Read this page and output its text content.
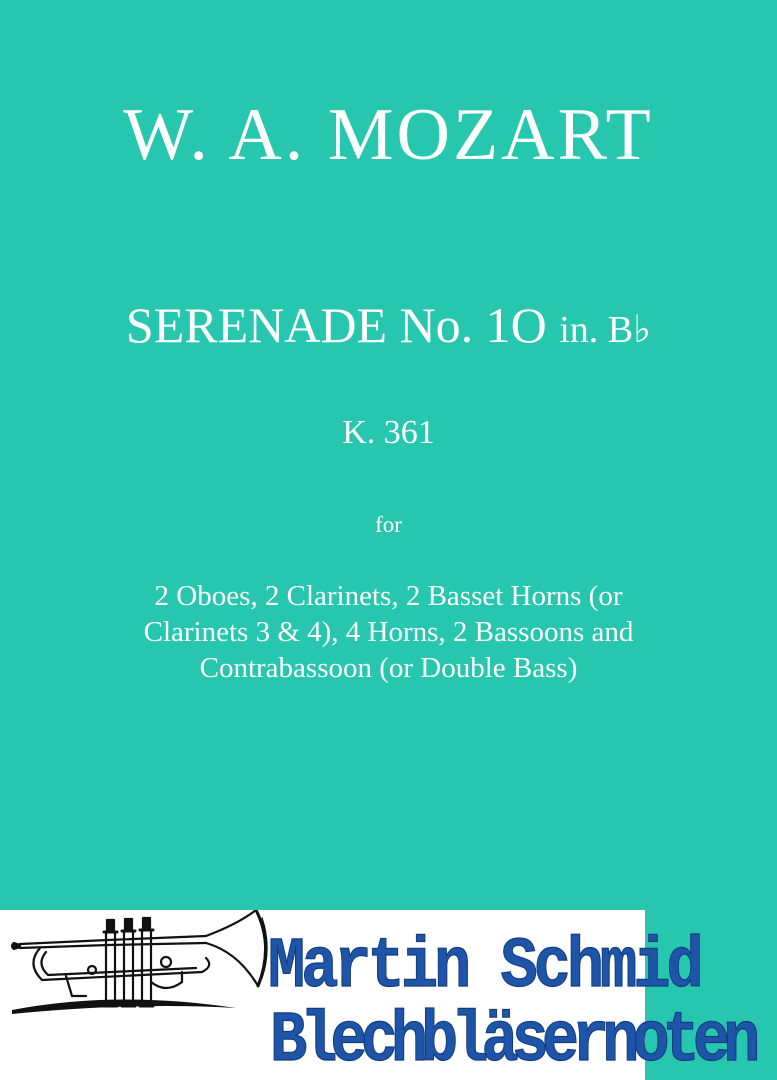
W. A. MOZART
SERENADE No. 1O in. B♭
K. 361
for
2 Oboes, 2 Clarinets, 2 Basset Horns (or
Clarinets 3 & 4), 4 Horns, 2 Bassoons and
Contrabassoon (or Double Bass)
Martin Schmid
Blechbläsernoten
